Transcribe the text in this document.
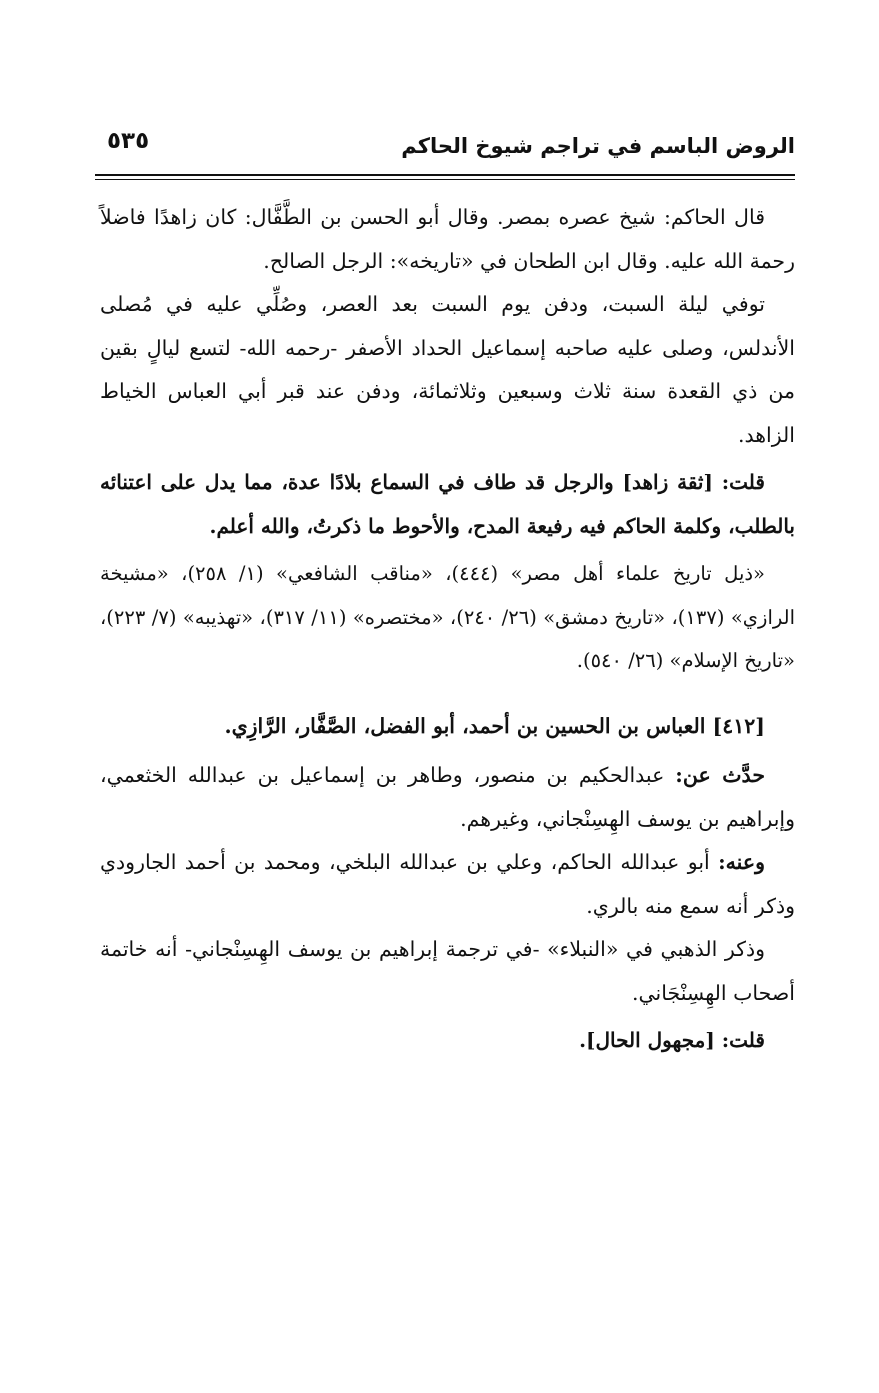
الروض الباسم في تراجم شيوخ الحاكم
٥٣٥

قال الحاكم: شيخ عصره بمصر. وقال أبو الحسن بن الطَّفَّال: كان زاهدًا فاضلاً رحمة الله عليه. وقال ابن الطحان في «تاريخه»: الرجل الصالح.

توفي ليلة السبت، ودفن يوم السبت بعد العصر، وصُلِّي عليه في مُصلى الأندلس، وصلى عليه صاحبه إسماعيل الحداد الأصفر -رحمه الله- لتسع ليالٍ بقين من ذي القعدة سنة ثلاث وسبعين وثلاثمائة، ودفن عند قبر أبي العباس الخياط الزاهد.

قلت: [ثقة زاهد] والرجل قد طاف في السماع بلادًا عدة، مما يدل على اعتنائه بالطلب، وكلمة الحاكم فيه رفيعة المدح، والأحوط ما ذكرتُ، والله أعلم.

«ذيل تاريخ علماء أهل مصر» (٤٤٤)، «مناقب الشافعي» (١/ ٢٥٨)، «مشيخة الرازي» (١٣٧)، «تاريخ دمشق» (٢٦/ ٢٤٠)، «مختصره» (١١/ ٣١٧)، «تهذيبه» (٧/ ٢٢٣)، «تاريخ الإسلام» (٢٦/ ٥٤٠).

[٤١٢] العباس بن الحسين بن أحمد، أبو الفضل، الصَّفَّار، الرَّازِي.

حدَّث عن: عبدالحكيم بن منصور، وطاهر بن إسماعيل بن عبدالله الخثعمي، وإبراهيم بن يوسف الهِسِنْجاني، وغيرهم.

وعنه: أبو عبدالله الحاكم، وعلي بن عبدالله البلخي، ومحمد بن أحمد الجارودي وذكر أنه سمع منه بالري.

وذكر الذهبي في «النبلاء» -في ترجمة إبراهيم بن يوسف الهِسِنْجاني- أنه خاتمة أصحاب الهِسِنْجَاني.

قلت: [مجهول الحال].
